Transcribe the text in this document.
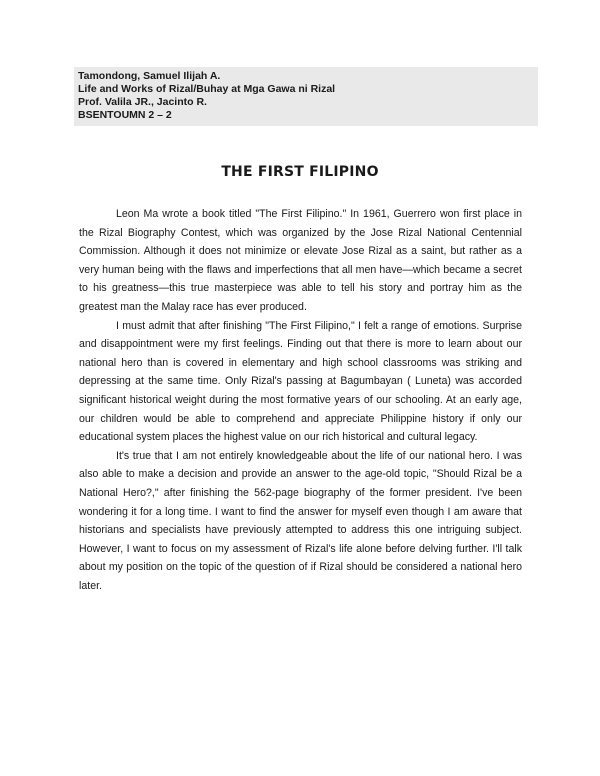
Tamondong, Samuel Ilijah A.
Life and Works of Rizal/Buhay at Mga Gawa ni Rizal
Prof. Valila JR., Jacinto R.
BSENTOUMN 2 – 2
THE FIRST FILIPINO

Leon Ma wrote a book titled "The First Filipino." In 1961, Guerrero won first place in the Rizal Biography Contest, which was organized by the Jose Rizal National Centennial Commission. Although it does not minimize or elevate Jose Rizal as a saint, but rather as a very human being with the flaws and imperfections that all men have—which became a secret to his greatness—this true masterpiece was able to tell his story and portray him as the greatest man the Malay race has ever produced.

I must admit that after finishing "The First Filipino," I felt a range of emotions. Surprise and disappointment were my first feelings. Finding out that there is more to learn about our national hero than is covered in elementary and high school classrooms was striking and depressing at the same time. Only Rizal's passing at Bagumbayan ( Luneta) was accorded significant historical weight during the most formative years of our schooling. At an early age, our children would be able to comprehend and appreciate Philippine history if only our educational system places the highest value on our rich historical and cultural legacy.

It's true that I am not entirely knowledgeable about the life of our national hero. I was also able to make a decision and provide an answer to the age-old topic, "Should Rizal be a National Hero?," after finishing the 562-page biography of the former president. I've been wondering it for a long time. I want to find the answer for myself even though I am aware that historians and specialists have previously attempted to address this one intriguing subject. However, I want to focus on my assessment of Rizal's life alone before delving further. I'll talk about my position on the topic of the question of if Rizal should be considered a national hero later.
